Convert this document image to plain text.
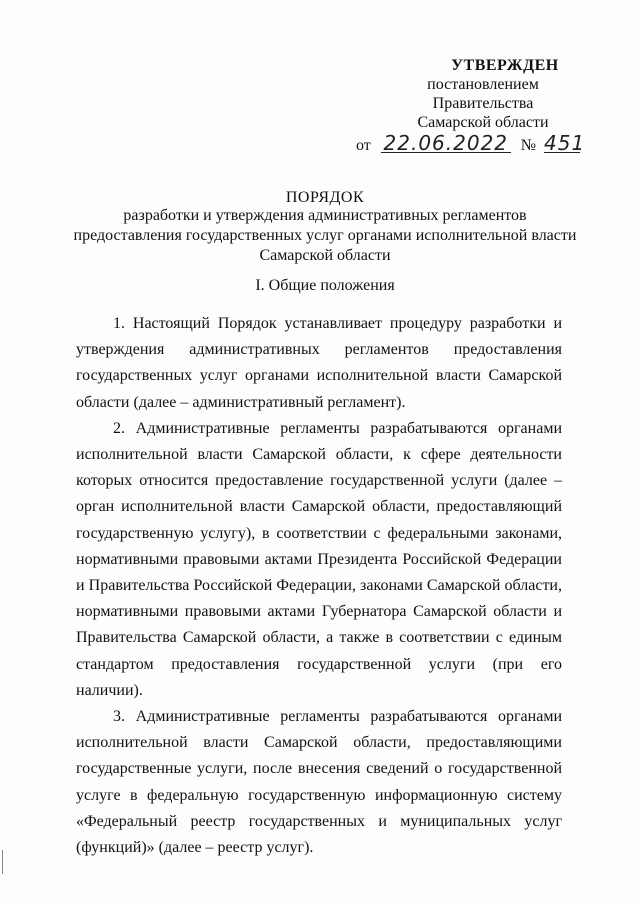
УТВЕРЖДЕН
постановлением Правительства
Самарской области
от 22.06.2022 № 451
ПОРЯДОК
разработки и утверждения административных регламентов
предоставления государственных услуг органами исполнительной власти
Самарской области
I. Общие положения

1. Настоящий Порядок устанавливает процедуру разработки и утверждения административных регламентов предоставления государственных услуг органами исполнительной власти Самарской области (далее – административный регламент).

2. Административные регламенты разрабатываются органами исполнительной власти Самарской области, к сфере деятельности которых относится предоставление государственной услуги (далее – орган исполнительной власти Самарской области, предоставляющий государственную услугу), в соответствии с федеральными законами, нормативными правовыми актами Президента Российской Федерации и Правительства Российской Федерации, законами Самарской области, нормативными правовыми актами Губернатора Самарской области и Правительства Самарской области, а также в соответствии с единым стандартом предоставления государственной услуги (при его наличии).

3. Административные регламенты разрабатываются органами исполнительной власти Самарской области, предоставляющими государственные услуги, после внесения сведений о государственной услуге в федеральную государственную информационную систему «Федеральный реестр государственных и муниципальных услуг (функций)» (далее – реестр услуг).
